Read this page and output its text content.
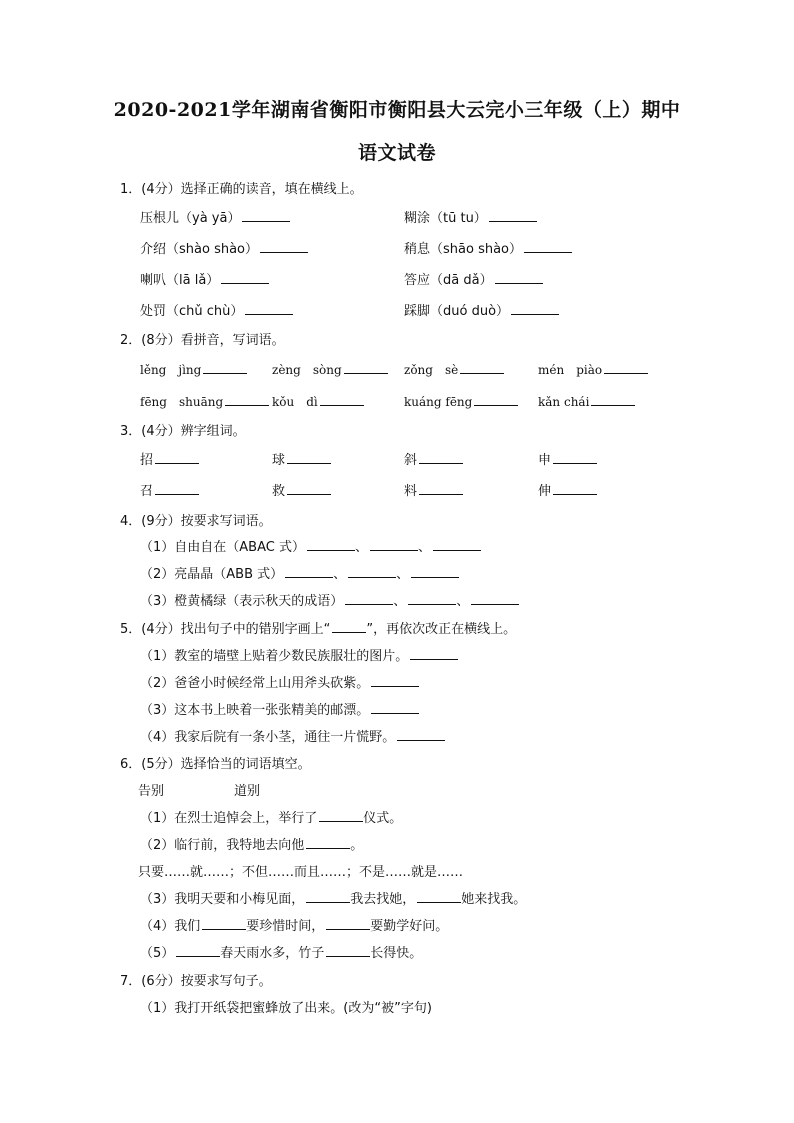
2020-2021学年湖南省衡阳市衡阳县大云完小三年级（上）期中
语文试卷
1．(4分）选择正确的读音，填在横线上。
压根儿（yà yā）	糊涂（tū tu）
介绍（shào shào）	稍息（shāo shào）
喇叭（lā lǎ）	答应（dā dǎ）
处罚（chǔ chù）	踩脚（duó duò）
2．(8分）看拼音，写词语。
lěng　jìng	zèng　sòng	zǒng　sè	mén　piào
fēng　shuāng	kǒu　dì	kuáng fēng	kǎn chái
3．(4分）辨字组词。
招	球	斜	申
召	救	料	伸
4．(9分）按要求写词语。
（1）自由自在（ABAC 式）	、	、
（2）亮晶晶（ABB 式）	、	、
（3）橙黄橘绿（表示秋天的成语）	、	、
5．(4分）找出句子中的错别字画上“	”，再依次改正在横线上。
（1）教室的墙壁上贴着少数民族服壮的图片。
（2）爸爸小时候经常上山用斧头砍紫。
（3）这本书上映着一张张精美的邮漂。
（4）我家后院有一条小茎，通往一片慌野。
6．(5分）选择恰当的词语填空。
告别	道别
（1）在烈士追悼会上，举行了	仪式。
（2）临行前，我特地去向他	。
只要……就……；不但……而且……；不是……就是……
（3）我明天要和小梅见面，	我去找她，	她来找我。
（4）我们	要珍惜时间，	要勤学好问。
（5）	春天雨水多，竹子	长得快。
7．(6分）按要求写句子。
（1）我打开纸袋把蜜蜂放了出来。(改为“被”字句)
